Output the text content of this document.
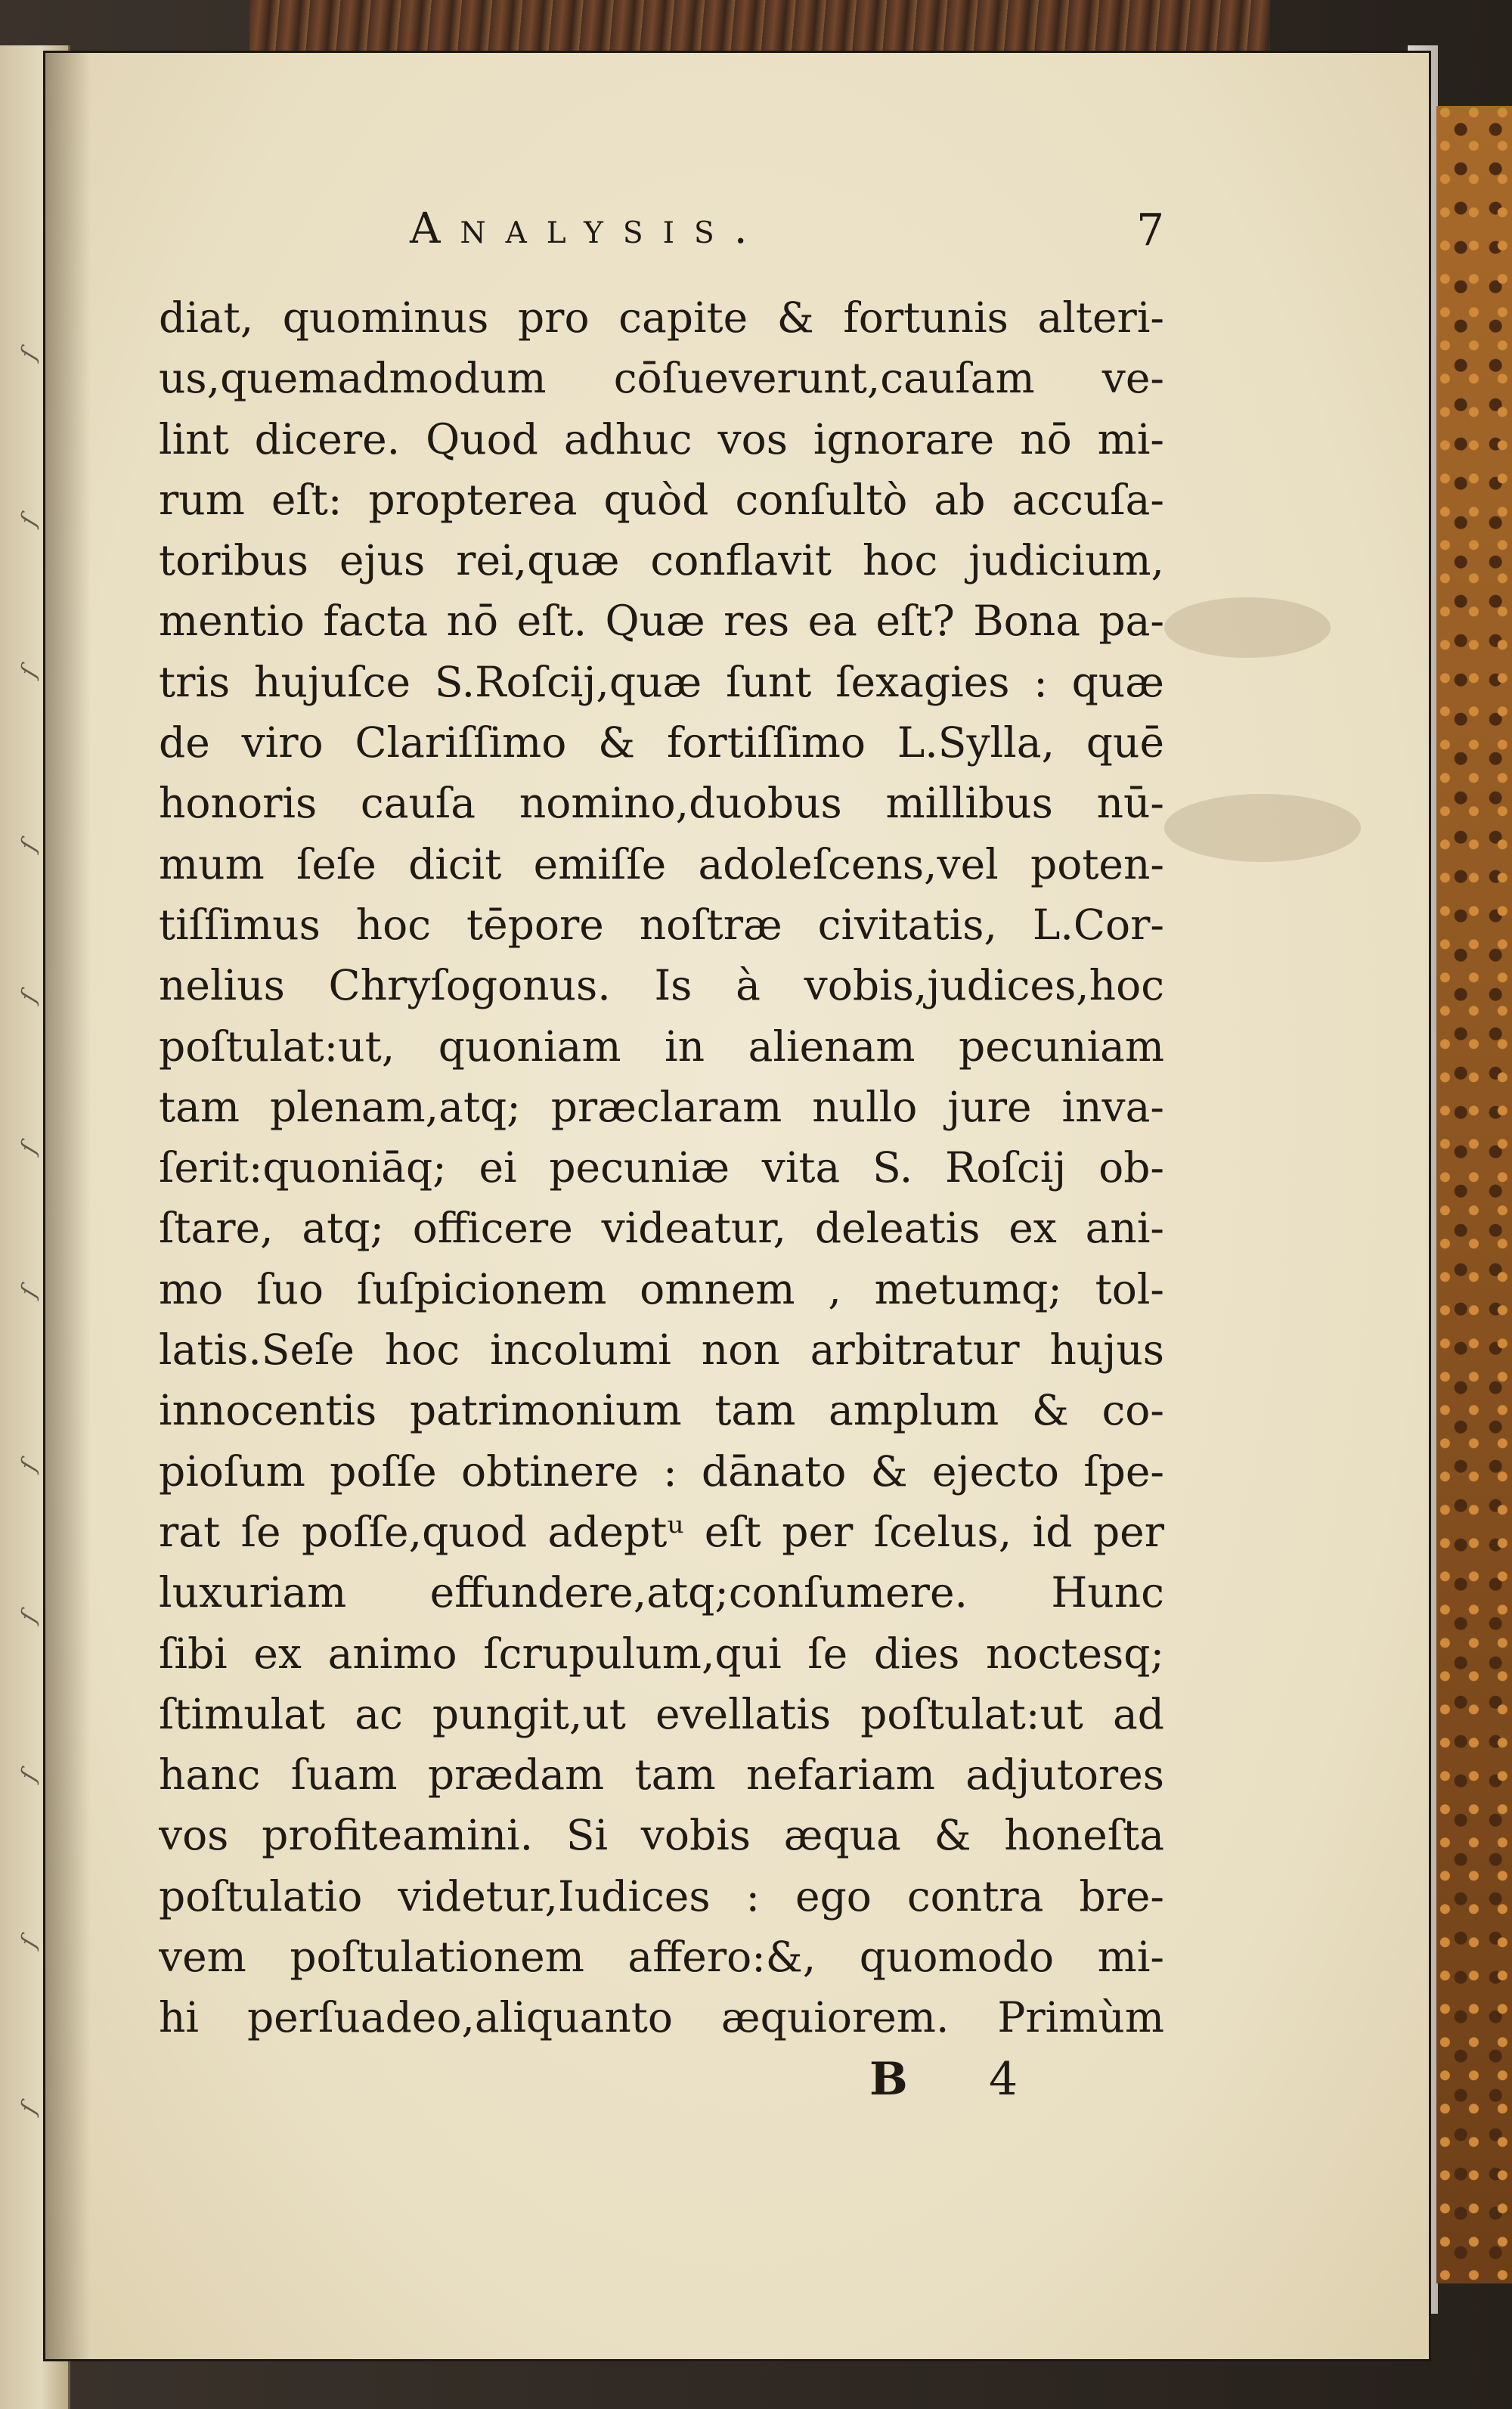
ſ
ſ
ſ
ſ
ſ
ſ
ſ
ſ
ſ
ſ
ſ
ſ
Analysis.	7
diat, quominus pro capite & fortunis alteri-
us,quemadmodum cōſueverunt,cauſam ve-
lint dicere. Quod adhuc vos ignorare nō mi-
rum eſt: propterea quòd conſultò ab accuſa-
toribus ejus rei,quæ conflavit hoc judicium,
mentio facta nō eſt. Quæ res ea eſt? Bona pa-
tris hujuſce S.Roſcij,quæ ſunt ſexagies : quæ
de viro Clariſſimo & fortiſſimo L.Sylla, quē
honoris cauſa nomino,duobus millibus nū-
mum ſeſe dicit emiſſe adoleſcens,vel poten-
tiſſimus hoc tēpore noſtræ civitatis, L.Cor-
nelius Chryſogonus. Is à vobis,judices,hoc
poſtulat:ut, quoniam in alienam pecuniam
tam plenam,atq; præclaram nullo jure inva-
ſerit:quoniāq; ei pecuniæ vita S. Roſcij ob-
ſtare, atq; officere videatur, deleatis ex ani-
mo ſuo ſuſpicionem omnem , metumq; tol-
latis.Seſe hoc incolumi non arbitratur hujus
innocentis patrimonium tam amplum & co-
pioſum poſſe obtinere : dānato & ejecto ſpe-
rat ſe poſſe,quod adeptᵘ eſt per ſcelus, id per
luxuriam effundere,atq;conſumere. Hunc
ſibi ex animo ſcrupulum,qui ſe dies noctesq;
ſtimulat ac pungit,ut evellatis poſtulat:ut ad
hanc ſuam prædam tam nefariam adjutores
vos profiteamini. Si vobis æqua & honeſta
poſtulatio videtur,Iudices : ego contra bre-
vem poſtulationem affero:&, quomodo mi-
hi perſuadeo,aliquanto æquiorem. Primùm
B 4
